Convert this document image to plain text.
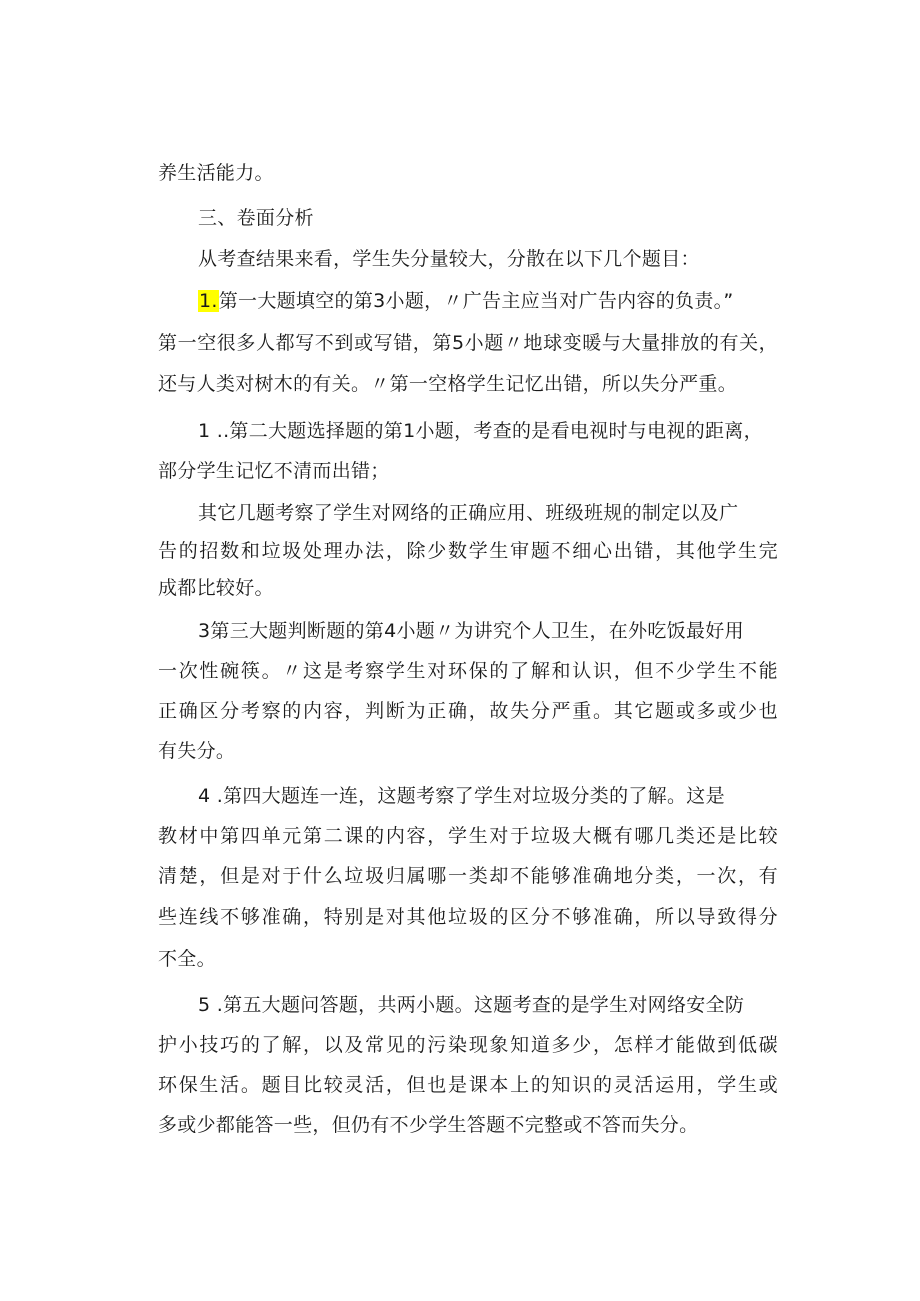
养生活能力。
三、卷面分析
从考查结果来看，学生失分量较大，分散在以下几个题目：
1.第一大题填空的第3小题，〃广告主应当对广告内容的负责。”
第一空很多人都写不到或写错，第5小题〃地球变暖与大量排放的有关，
还与人类对树木的有关。〃第一空格学生记忆出错，所以失分严重。
1 ..第二大题选择题的第1小题，考查的是看电视时与电视的距离，
部分学生记忆不清而出错；
其它几题考察了学生对网络的正确应用、班级班规的制定以及广
告的招数和垃圾处理办法，除少数学生审题不细心出错，其他学生完
成都比较好。
3第三大题判断题的第4小题〃为讲究个人卫生，在外吃饭最好用
一次性碗筷。〃这是考察学生对环保的了解和认识，但不少学生不能
正确区分考察的内容，判断为正确，故失分严重。其它题或多或少也
有失分。
4 .第四大题连一连，这题考察了学生对垃圾分类的了解。这是
教材中第四单元第二课的内容，学生对于垃圾大概有哪几类还是比较
清楚，但是对于什么垃圾归属哪一类却不能够准确地分类，一次，有
些连线不够准确，特别是对其他垃圾的区分不够准确，所以导致得分
不全。
5 .第五大题问答题，共两小题。这题考查的是学生对网络安全防
护小技巧的了解，以及常见的污染现象知道多少，怎样才能做到低碳
环保生活。题目比较灵活，但也是课本上的知识的灵活运用，学生或
多或少都能答一些，但仍有不少学生答题不完整或不答而失分。
